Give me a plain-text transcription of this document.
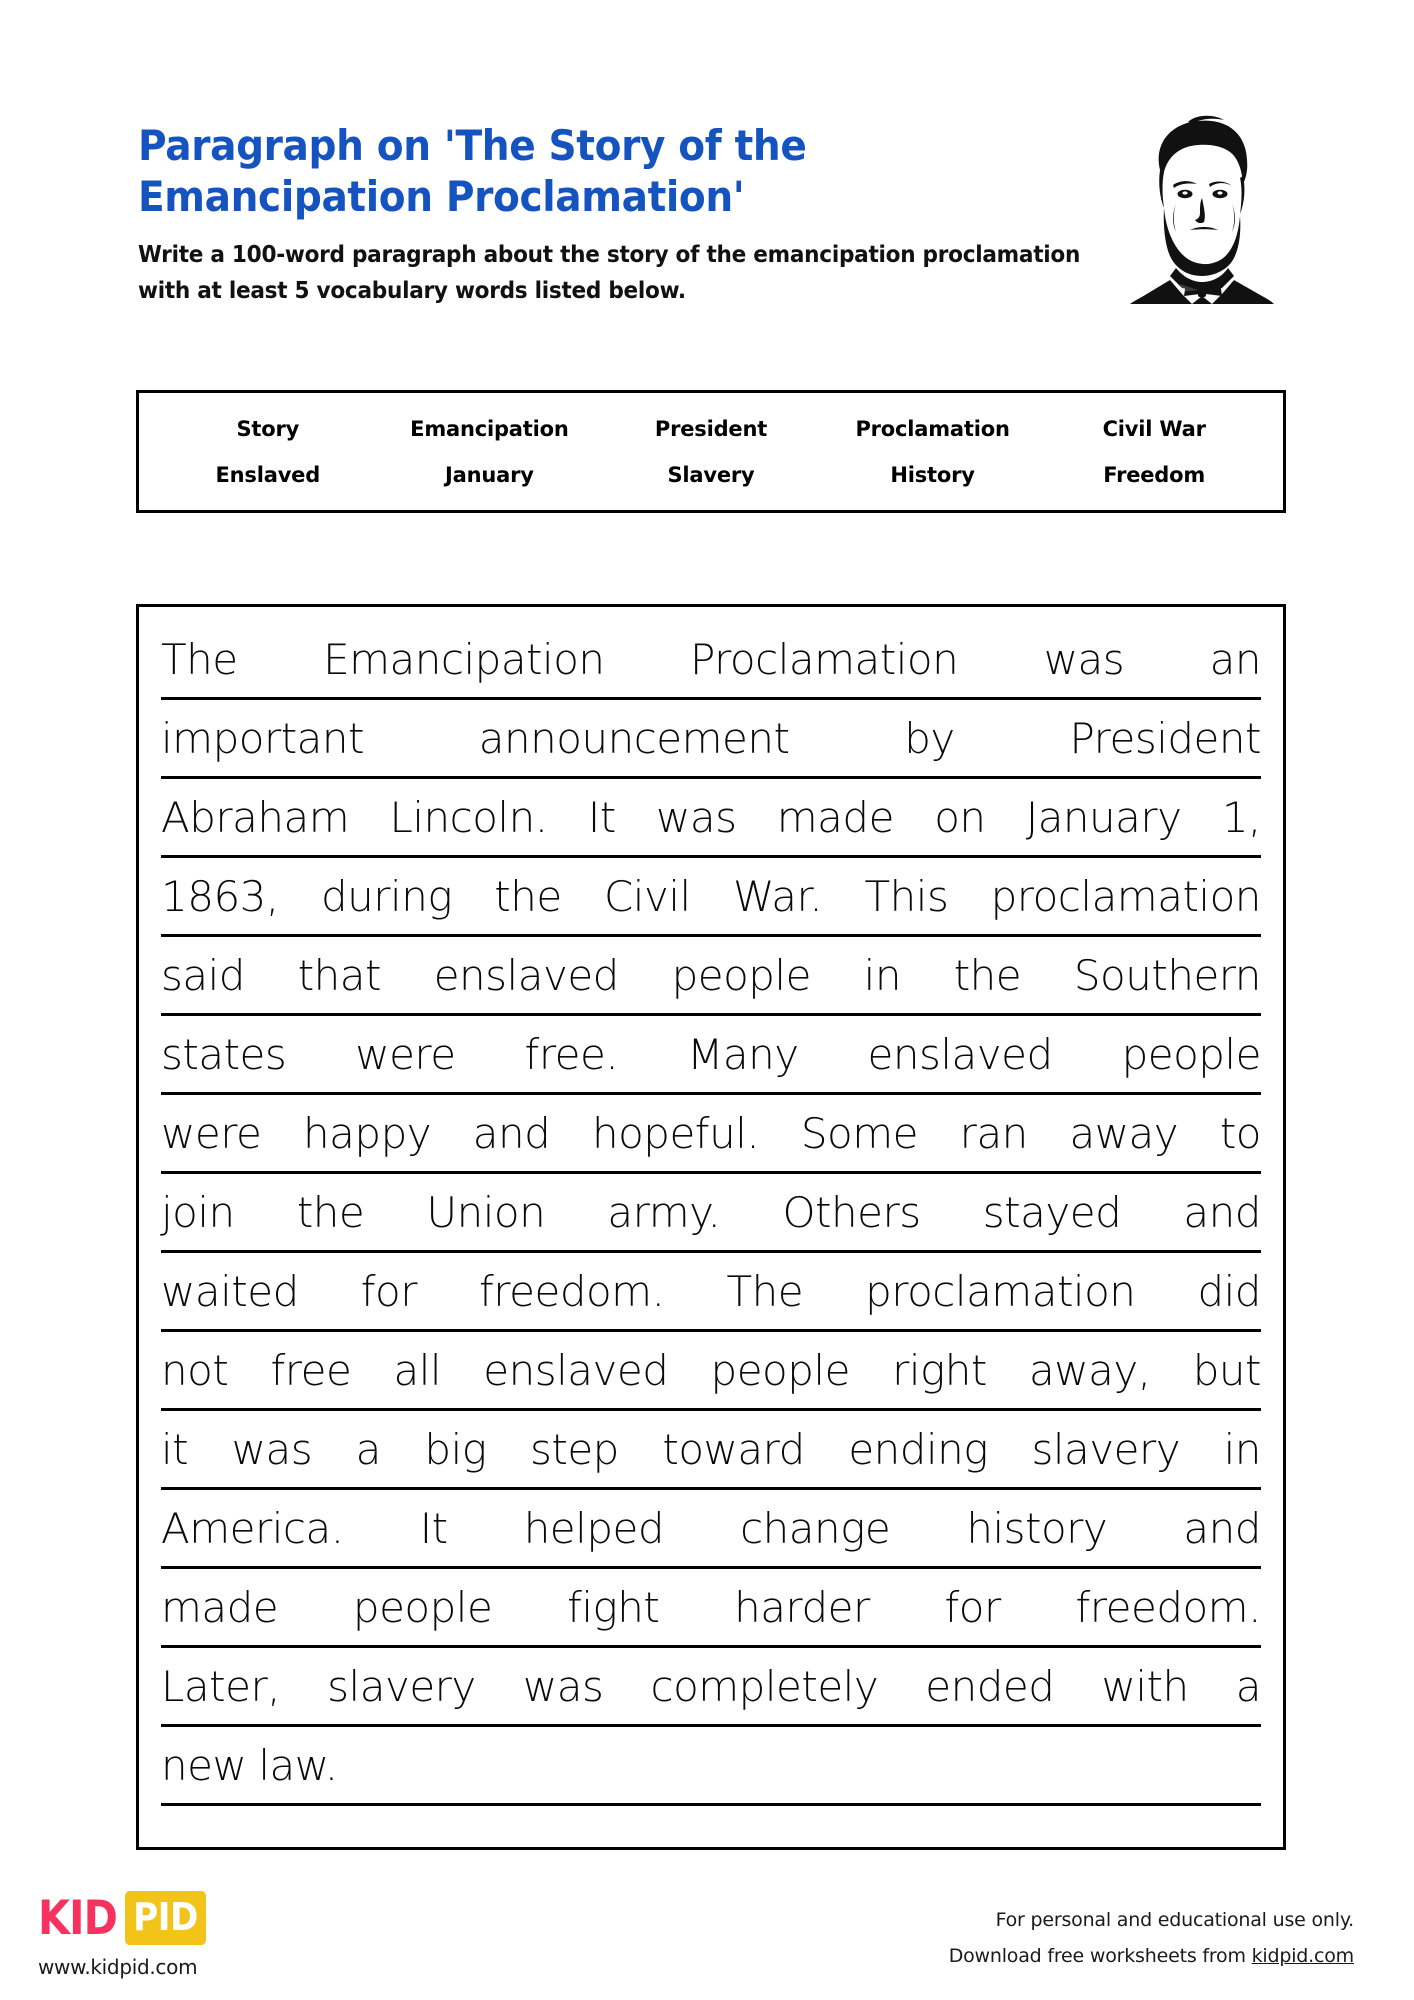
Paragraph on 'The Story of the Emancipation Proclamation'
Write a 100-word paragraph about the story of the emancipation proclamation with at least 5 vocabulary words listed below.
Story	Emancipation	President	Proclamation	Civil War
Enslaved	January	Slavery	History	Freedom
The Emancipation Proclamation was an
important	announcement	by	President
Abraham Lincoln. It was made on January 1,
1863, during the Civil War. This proclamation
said that enslaved people in the Southern
states were free. Many enslaved people
were happy and hopeful. Some ran away to
join the Union army. Others stayed and
waited for freedom. The proclamation did
not free all enslaved people right away, but
it was a big step toward ending slavery in
America. It helped change history and
made people fight harder for freedom.
Later, slavery was completely ended with a
new law.
KID PID
www.kidpid.com
For personal and educational use only.
Download free worksheets from kidpid.com
